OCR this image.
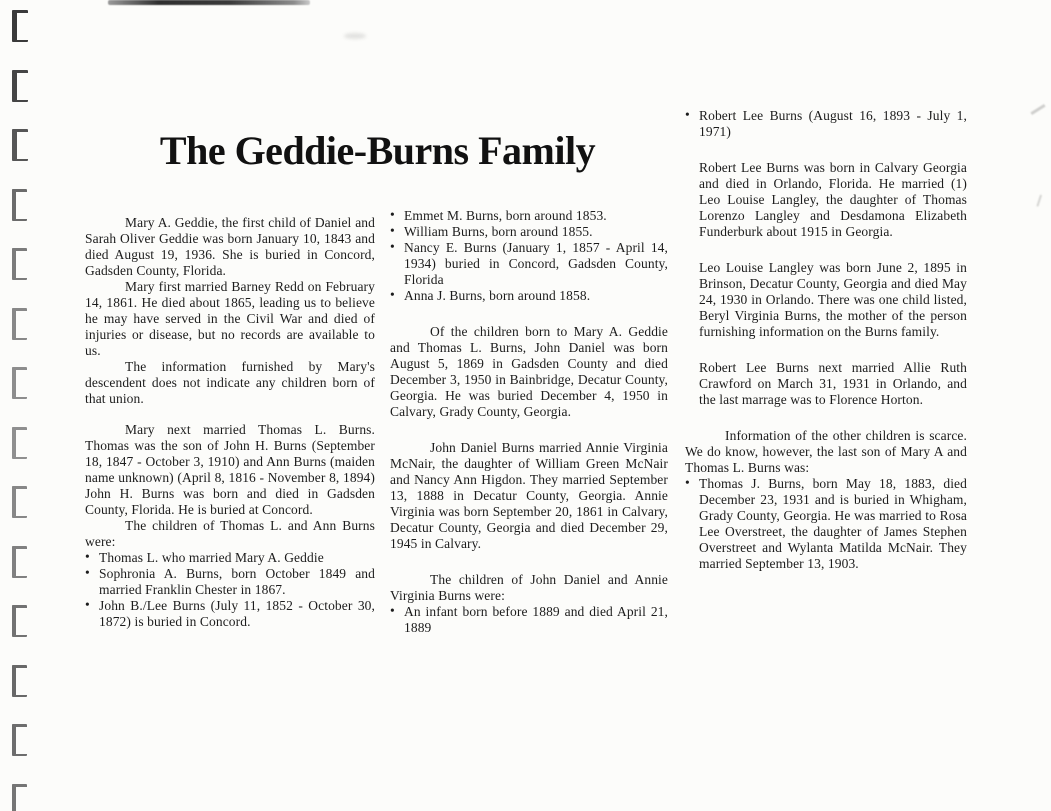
The Geddie-Burns Family

Mary A. Geddie, the first child of Daniel and Sarah Oliver Geddie was born January 10, 1843 and died August 19, 1936. She is buried in Concord, Gadsden County, Florida.

Mary first married Barney Redd on February 14, 1861. He died about 1865, leading us to believe he may have served in the Civil War and died of injuries or disease, but no records are available to us.

The information furnished by Mary's descendent does not indicate any children born of that union.

Mary next married Thomas L. Burns. Thomas was the son of John H. Burns (September 18, 1847 - October 3, 1910) and Ann Burns (maiden name unknown) (April 8, 1816 - November 8, 1894) John H. Burns was born and died in Gadsden County, Florida. He is buried at Concord.

The children of Thomas L. and Ann Burns were:

• Thomas L. who married Mary A. Geddie
• Sophronia A. Burns, born October 1849 and married Franklin Chester in 1867.
• John B./Lee Burns (July 11, 1852 - October 30, 1872) is buried in Concord.
• Emmet M. Burns, born around 1853.
• William Burns, born around 1855.
• Nancy E. Burns (January 1, 1857 - April 14, 1934) buried in Concord, Gadsden County, Florida
• Anna J. Burns, born around 1858.

Of the children born to Mary A. Geddie and Thomas L. Burns, John Daniel was born August 5, 1869 in Gadsden County and died December 3, 1950 in Bainbridge, Decatur County, Georgia. He was buried December 4, 1950 in Calvary, Grady County, Georgia.

John Daniel Burns married Annie Virginia McNair, the daughter of William Green McNair and Nancy Ann Higdon. They married September 13, 1888 in Decatur County, Georgia. Annie Virginia was born September 20, 1861 in Calvary, Decatur County, Georgia and died December 29, 1945 in Calvary.

The children of John Daniel and Annie Virginia Burns were:

• An infant born before 1889 and died April 21, 1889
• Robert Lee Burns (August 16, 1893 - July 1, 1971)

Robert Lee Burns was born in Calvary Georgia and died in Orlando, Florida. He married (1) Leo Louise Langley, the daughter of Thomas Lorenzo Langley and Desdamona Elizabeth Funderburk about 1915 in Georgia.

Leo Louise Langley was born June 2, 1895 in Brinson, Decatur County, Georgia and died May 24, 1930 in Orlando. There was one child listed, Beryl Virginia Burns, the mother of the person furnishing information on the Burns family.

Robert Lee Burns next married Allie Ruth Crawford on March 31, 1931 in Orlando, and the last marrage was to Florence Horton.

Information of the other children is scarce. We do know, however, the last son of Mary A and Thomas L. Burns was:

• Thomas J. Burns, born May 18, 1883, died December 23, 1931 and is buried in Whigham, Grady County, Georgia. He was married to Rosa Lee Overstreet, the daughter of James Stephen Overstreet and Wylanta Matilda McNair. They married September 13, 1903.
